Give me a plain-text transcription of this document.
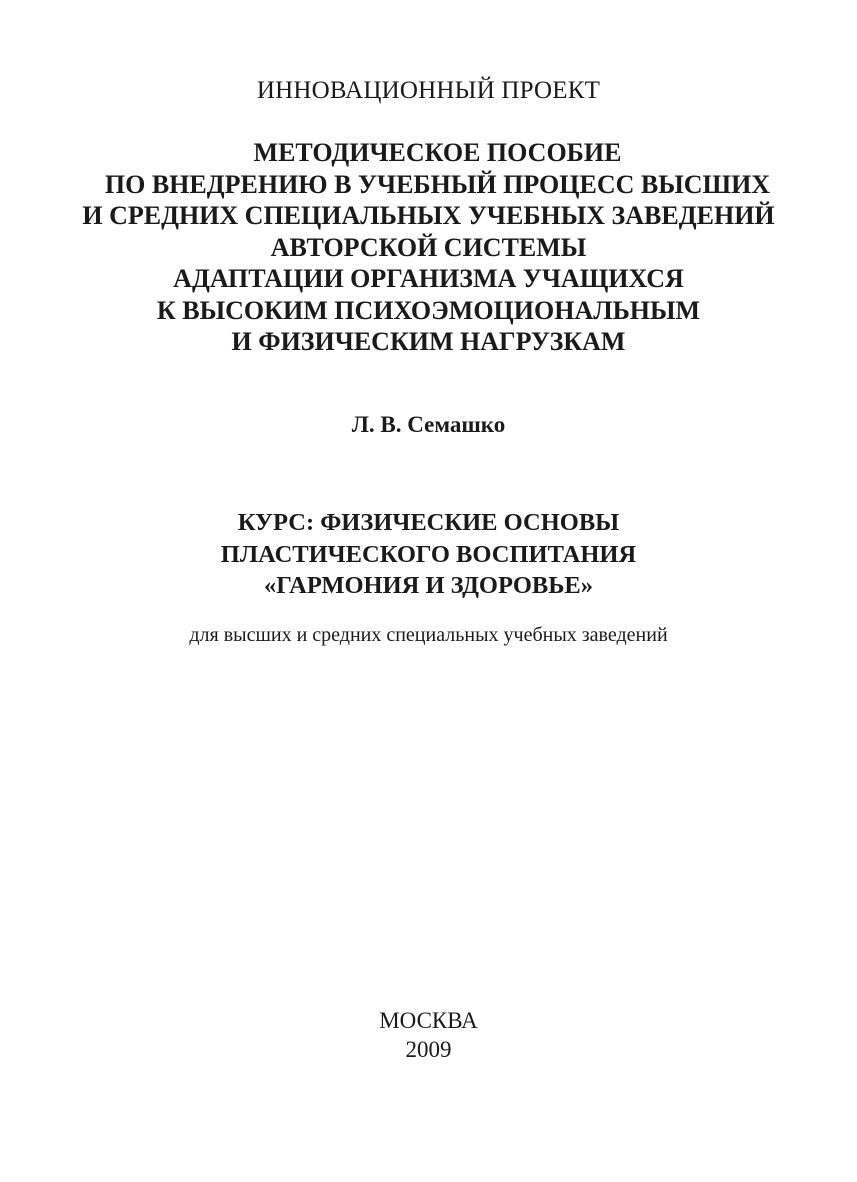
ИННОВАЦИОННЫЙ ПРОЕКТ
МЕТОДИЧЕСКОЕ ПОСОБИЕ
ПО ВНЕДРЕНИЮ В УЧЕБНЫЙ ПРОЦЕСС ВЫСШИХ
И СРЕДНИХ СПЕЦИАЛЬНЫХ УЧЕБНЫХ ЗАВЕДЕНИЙ
АВТОРСКОЙ СИСТЕМЫ
АДАПТАЦИИ ОРГАНИЗМА УЧАЩИХСЯ
К ВЫСОКИМ ПСИХОЭМОЦИОНАЛЬНЫМ
И ФИЗИЧЕСКИМ НАГРУЗКАМ
Л. В. Семашко
КУРС: ФИЗИЧЕСКИЕ ОСНОВЫ
ПЛАСТИЧЕСКОГО ВОСПИТАНИЯ
«ГАРМОНИЯ И ЗДОРОВЬЕ»
для высших и средних специальных учебных заведений
МОСКВА
2009
